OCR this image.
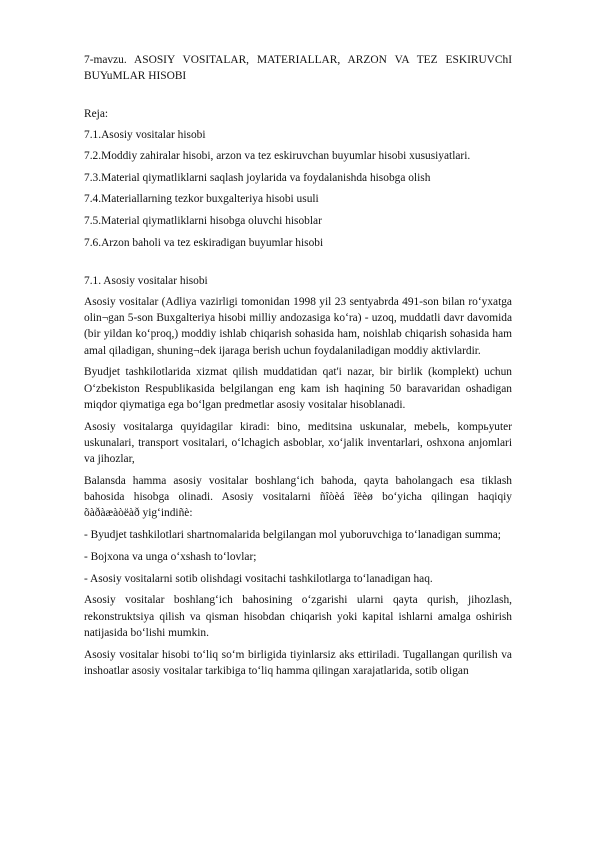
7-mavzu. ASOSIY VOSITALAR, MATERIALLAR, ARZON VA TEZ ESKIRUVChI BUYuMLAR HISOBI

Reja:

7.1.Asosiy vositalar hisobi

7.2.Moddiy zahiralar hisobi, arzon va tez eskiruvchan buyumlar hisobi xususiyatlari.

7.3.Material qiymatliklarni saqlash joylarida va foydalanishda hisobga olish

7.4.Materiallarning tezkor buxgalteriya hisobi usuli

7.5.Material qiymatliklarni hisobga oluvchi hisoblar

7.6.Arzon baholi va tez eskiradigan buyumlar hisobi

7.1. Asosiy vositalar hisobi

Asosiy vositalar (Adliya vazirligi tomonidan 1998 yil 23 sentyabrda 491-son bilan ro‘yxatga olin¬gan 5-son Buxgalteriya hisobi milliy andozasiga ko‘ra) - uzoq, muddatli davr davomida (bir yildan ko‘proq,) moddiy ishlab chiqarish sohasida ham, noishlab chiqarish sohasida ham amal qiladigan, shuning¬dek ijaraga berish uchun foydalaniladigan moddiy aktivlardir.

Byudjet tashkilotlarida xizmat qilish muddatidan qat'i nazar, bir birlik (komplekt) uchun O‘zbekiston Respublikasida belgilangan eng kam ish haqining 50 baravaridan oshadigan miqdor qiymatiga ega bo‘lgan predmetlar asosiy vositalar hisoblanadi.

Asosiy vositalarga quyidagilar kiradi: bino, meditsina uskunalar, mebelь, kompьyuter uskunalari, transport vositalari, o‘lchagich asboblar, xo‘jalik inventarlari, oshxona anjomlari va jihozlar,

Balansda hamma asosiy vositalar boshlang‘ich bahoda, qayta baholangach esa tiklash bahosida hisobga olinadi. Asosiy vositalarni ñîòèá îëèø bo‘yicha qilingan haqiqiy õàðàæàòëàð yig‘indiñè:

- Byudjet tashkilotlari shartnomalarida belgilangan mol yuboruvchiga to‘lanadigan summa;

- Bojxona va unga o‘xshash to‘lovlar;

- Asosiy vositalarni sotib olishdagi vositachi tashkilotlarga to‘lanadigan haq.

Asosiy vositalar boshlang‘ich bahosining o‘zgarishi ularni qayta qurish, jihozlash, rekonstruktsiya qilish va qisman hisobdan chiqarish yoki kapital ishlarni amalga oshirish natijasida bo‘lishi mumkin.

Asosiy vositalar hisobi to‘liq so‘m birligida tiyinlarsiz aks ettiriladi. Tugallangan qurilish va inshoatlar asosiy vositalar tarkibiga to‘liq hamma qilingan xarajatlarida, sotib oligan
